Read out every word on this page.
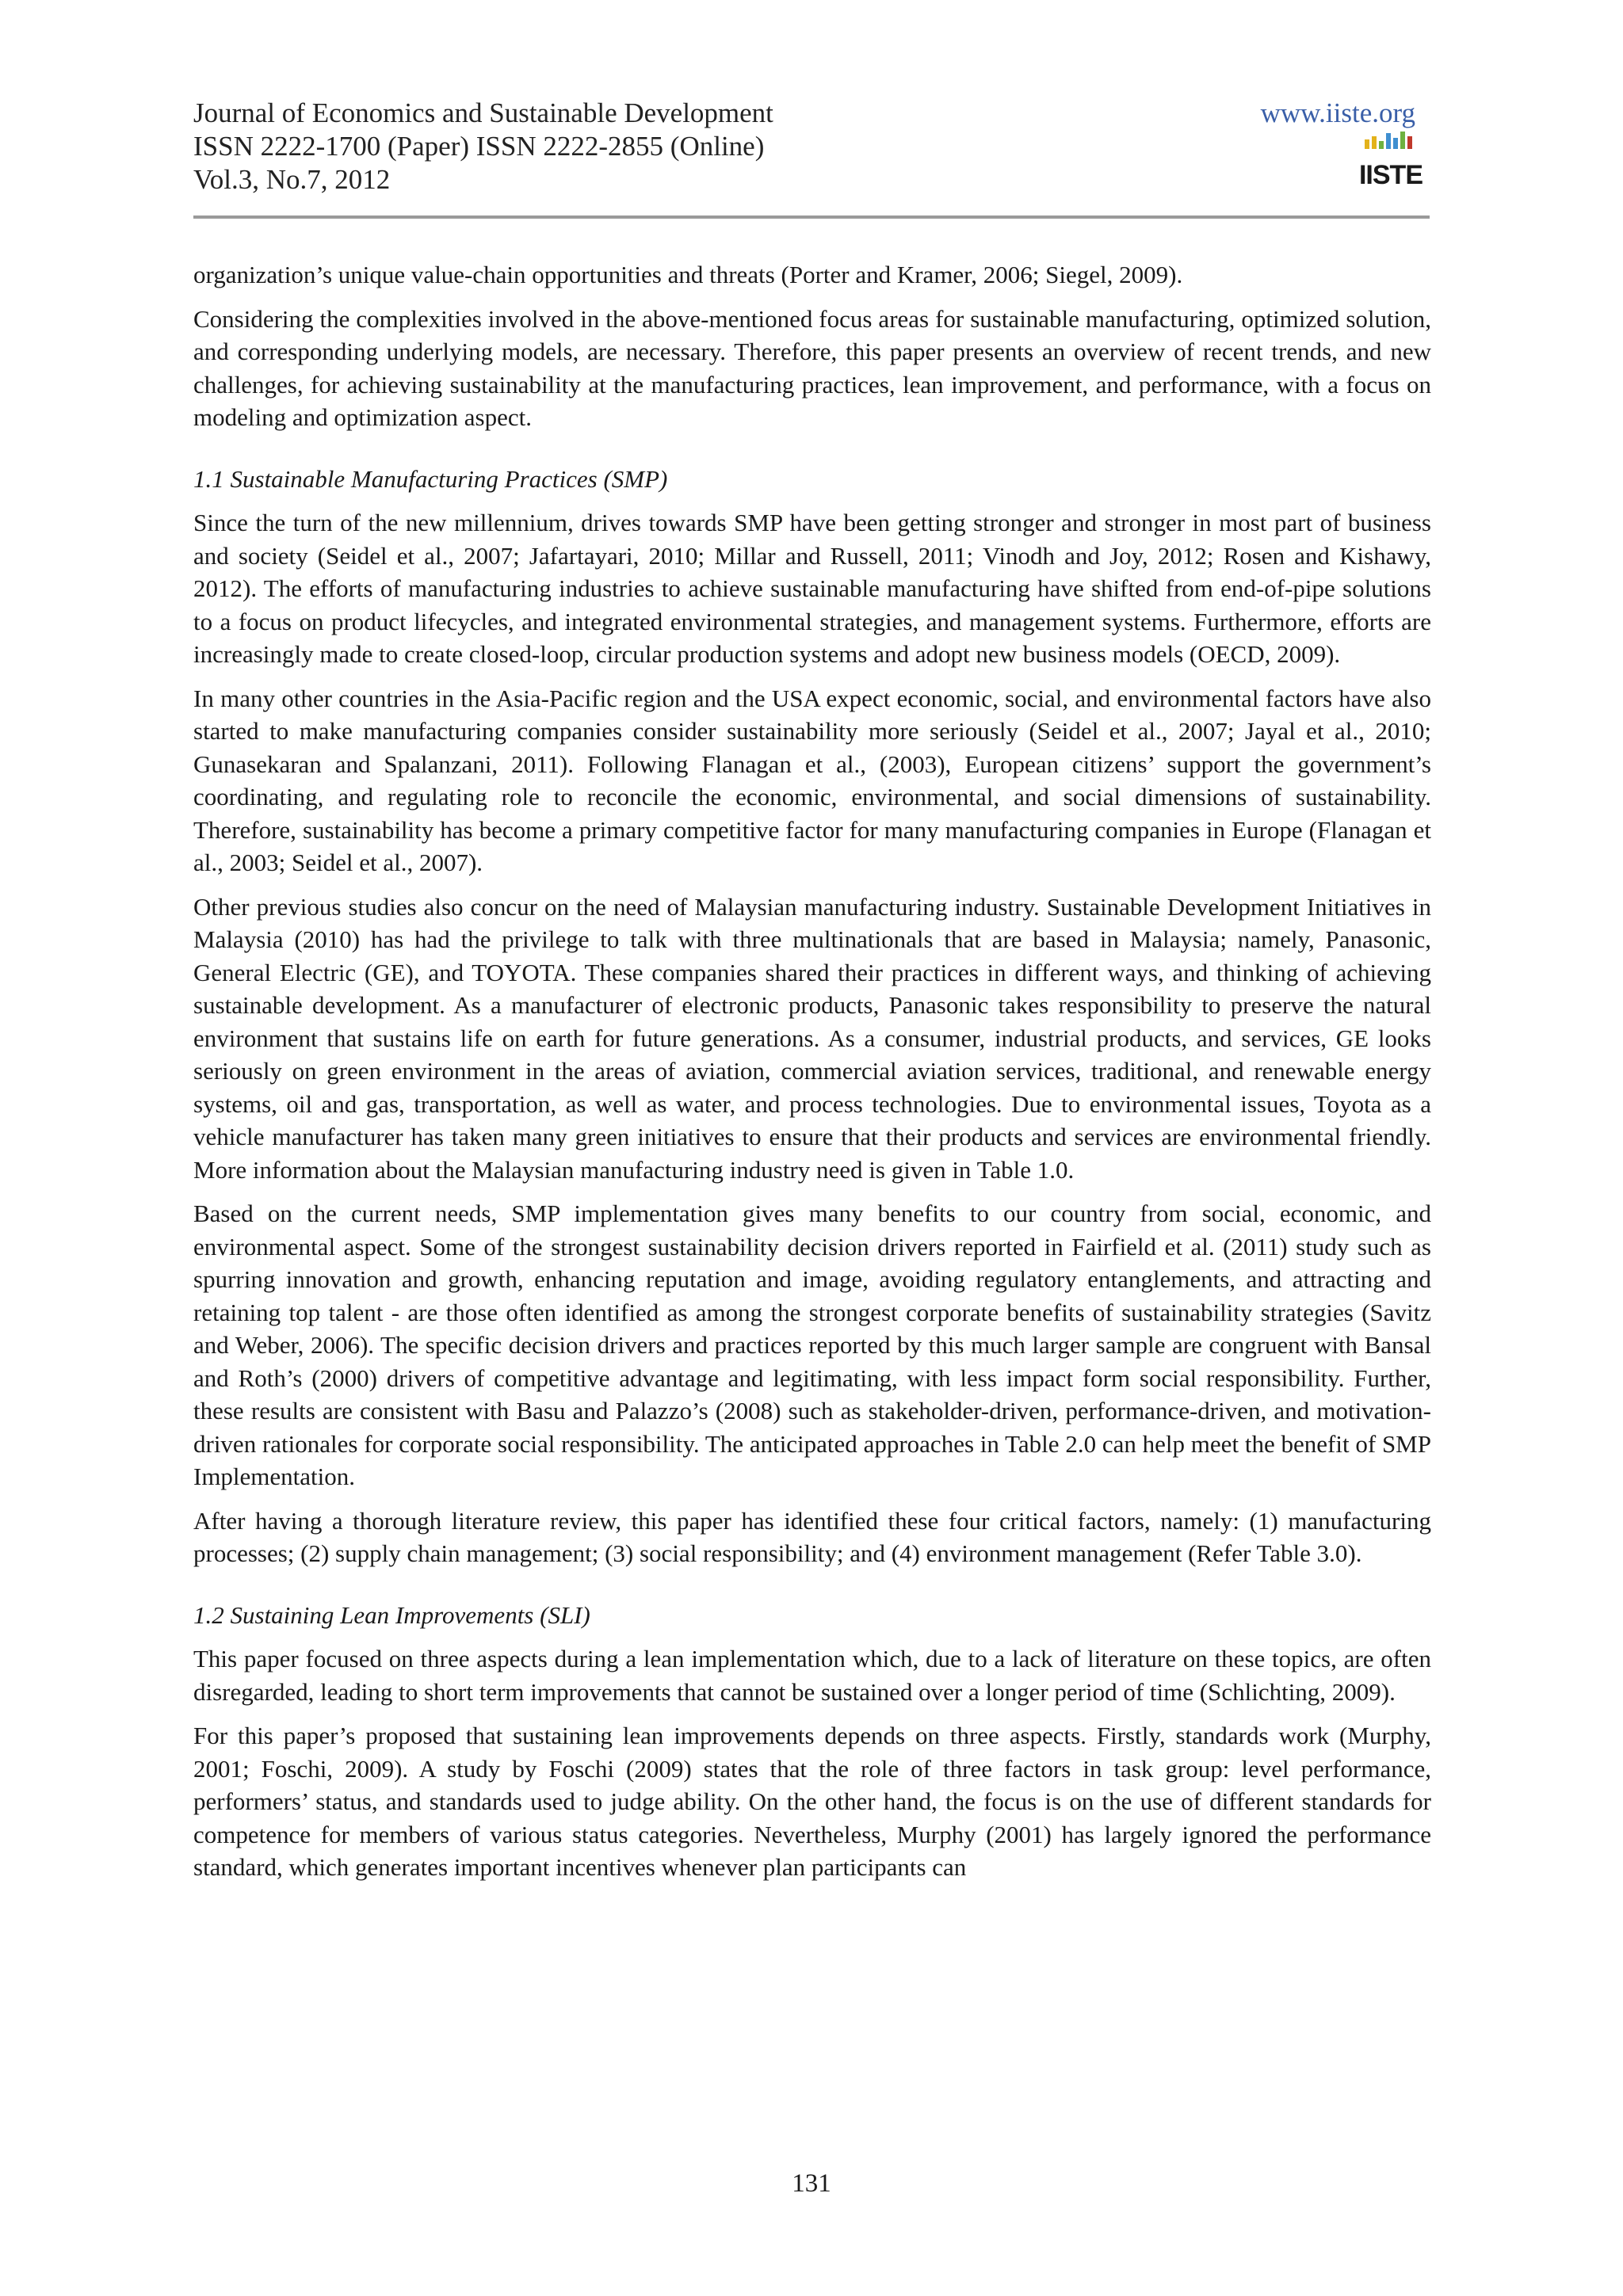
Journal of Economics and Sustainable Development
ISSN 2222-1700 (Paper) ISSN 2222-2855 (Online)
Vol.3, No.7, 2012
www.iiste.org
IISTE

organization’s unique value-chain opportunities and threats (Porter and Kramer, 2006; Siegel, 2009).

Considering the complexities involved in the above-mentioned focus areas for sustainable manufacturing, optimized solution, and corresponding underlying models, are necessary. Therefore, this paper presents an overview of recent trends, and new challenges, for achieving sustainability at the manufacturing practices, lean improvement, and performance, with a focus on modeling and optimization aspect.

1.1 Sustainable Manufacturing Practices (SMP)

Since the turn of the new millennium, drives towards SMP have been getting stronger and stronger in most part of business and society (Seidel et al., 2007; Jafartayari, 2010; Millar and Russell, 2011; Vinodh and Joy, 2012; Rosen and Kishawy, 2012). The efforts of manufacturing industries to achieve sustainable manufacturing have shifted from end-of-pipe solutions to a focus on product lifecycles, and integrated environmental strategies, and management systems. Furthermore, efforts are increasingly made to create closed-loop, circular production systems and adopt new business models (OECD, 2009).

In many other countries in the Asia-Pacific region and the USA expect economic, social, and environmental factors have also started to make manufacturing companies consider sustainability more seriously (Seidel et al., 2007; Jayal et al., 2010; Gunasekaran and Spalanzani, 2011). Following Flanagan et al., (2003), European citizens’ support the government’s coordinating, and regulating role to reconcile the economic, environmental, and social dimensions of sustainability. Therefore, sustainability has become a primary competitive factor for many manufacturing companies in Europe (Flanagan et al., 2003; Seidel et al., 2007).

Other previous studies also concur on the need of Malaysian manufacturing industry. Sustainable Development Initiatives in Malaysia (2010) has had the privilege to talk with three multinationals that are based in Malaysia; namely, Panasonic, General Electric (GE), and TOYOTA. These companies shared their practices in different ways, and thinking of achieving sustainable development. As a manufacturer of electronic products, Panasonic takes responsibility to preserve the natural environment that sustains life on earth for future generations. As a consumer, industrial products, and services, GE looks seriously on green environment in the areas of aviation, commercial aviation services, traditional, and renewable energy systems, oil and gas, transportation, as well as water, and process technologies. Due to environmental issues, Toyota as a vehicle manufacturer has taken many green initiatives to ensure that their products and services are environmental friendly. More information about the Malaysian manufacturing industry need is given in Table 1.0.

Based on the current needs, SMP implementation gives many benefits to our country from social, economic, and environmental aspect. Some of the strongest sustainability decision drivers reported in Fairfield et al. (2011) study such as spurring innovation and growth, enhancing reputation and image, avoiding regulatory entanglements, and attracting and retaining top talent - are those often identified as among the strongest corporate benefits of sustainability strategies (Savitz and Weber, 2006). The specific decision drivers and practices reported by this much larger sample are congruent with Bansal and Roth’s (2000) drivers of competitive advantage and legitimating, with less impact form social responsibility. Further, these results are consistent with Basu and Palazzo’s (2008) such as stakeholder-driven, performance-driven, and motivation-driven rationales for corporate social responsibility. The anticipated approaches in Table 2.0 can help meet the benefit of SMP Implementation.

After having a thorough literature review, this paper has identified these four critical factors, namely: (1) manufacturing processes; (2) supply chain management; (3) social responsibility; and (4) environment management (Refer Table 3.0).

1.2 Sustaining Lean Improvements (SLI)

This paper focused on three aspects during a lean implementation which, due to a lack of literature on these topics, are often disregarded, leading to short term improvements that cannot be sustained over a longer period of time (Schlichting, 2009).

For this paper’s proposed that sustaining lean improvements depends on three aspects. Firstly, standards work (Murphy, 2001; Foschi, 2009). A study by Foschi (2009) states that the role of three factors in task group: level performance, performers’ status, and standards used to judge ability. On the other hand, the focus is on the use of different standards for competence for members of various status categories. Nevertheless, Murphy (2001) has largely ignored the performance standard, which generates important incentives whenever plan participants can

131
